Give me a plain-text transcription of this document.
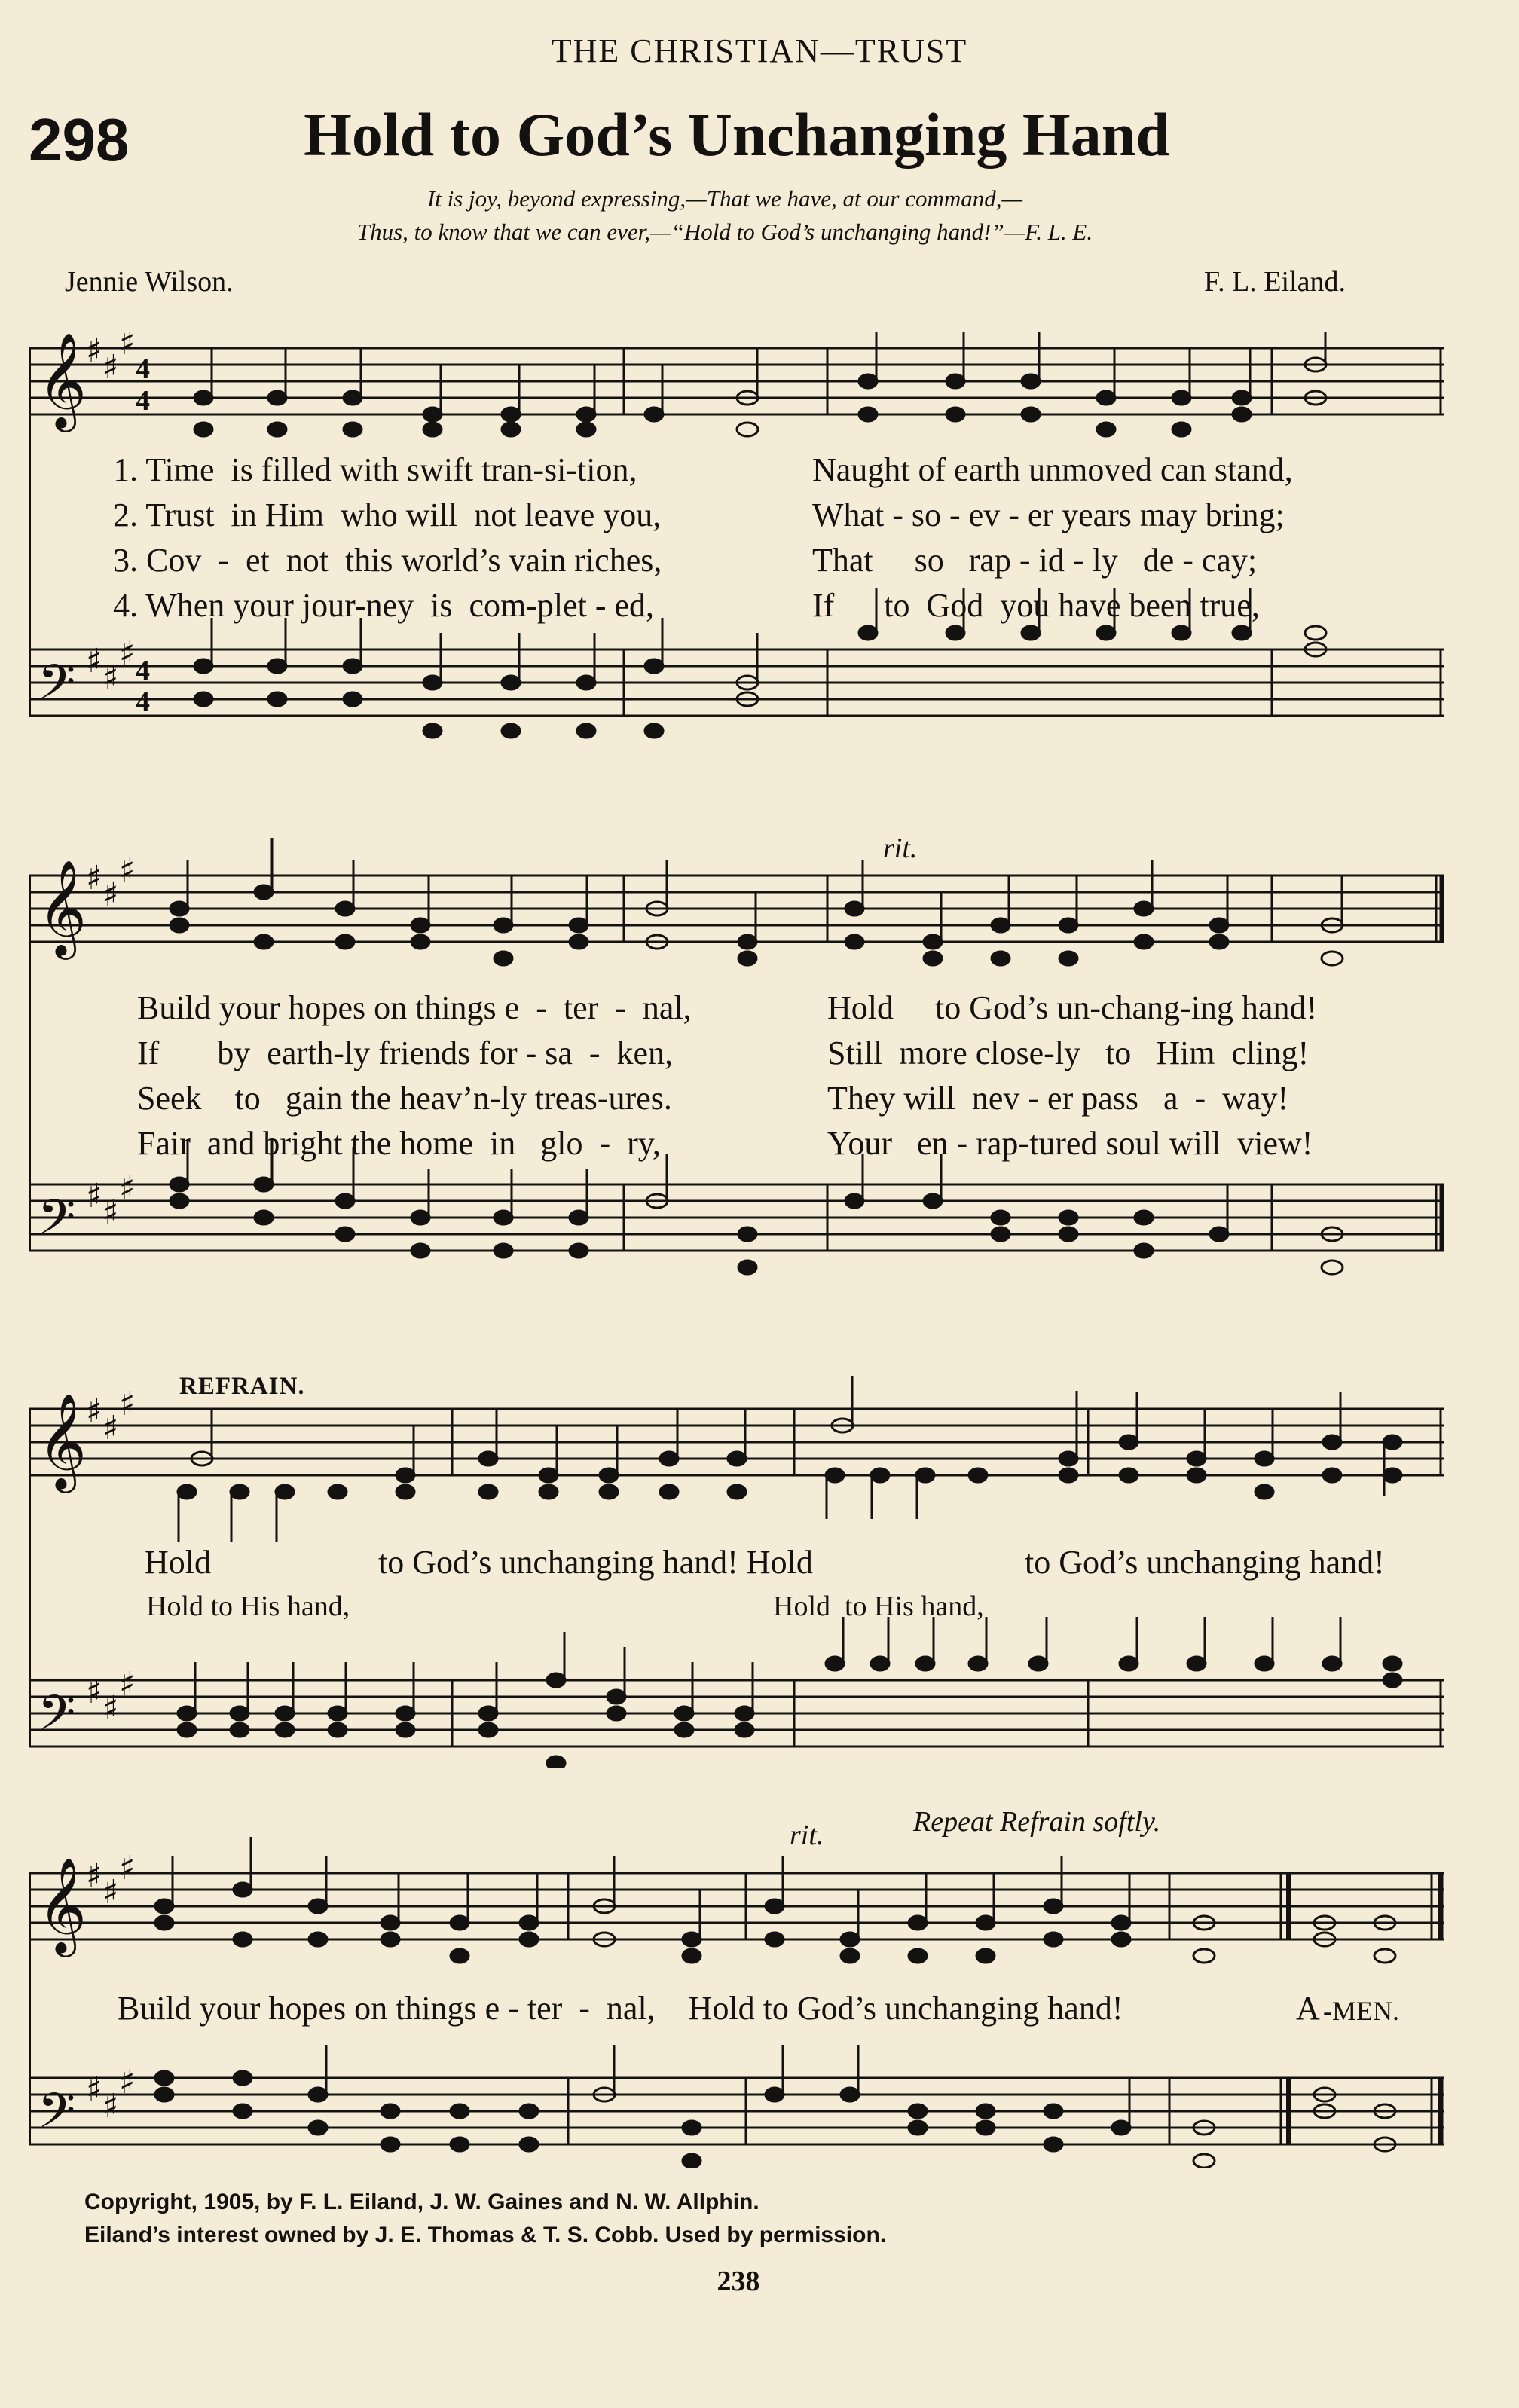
THE CHRISTIAN—TRUST
298	Hold to God’s Unchanging Hand
It is joy, beyond expressing,—That we have, at our command,—
Thus, to know that we can ever,—“Hold to God’s unchanging hand!”—F. L. E.
Jennie Wilson.	F. L. Eiland.
𝄞
𝄢
♯ ♯
♯
♯ ♯
♯
4
4
4
4
1. Time  is filled with swift tran-si-tion,
2. Trust  in Him  who will  not leave you,
3. Cov  -  et  not  this world’s vain riches,
4. When your jour-ney  is  com-plet - ed,
Naught of earth unmoved can stand,
What - so - ev - er years may bring;
That     so   rap - id - ly   de - cay;
If      to  God  you have been true,
𝄞
𝄢
♯ ♯
♯
♯ ♯
♯
rit.
Build your hopes on things e  -  ter  -  nal,
If       by  earth-ly friends for - sa  -  ken,
Seek    to   gain the heav’n-ly treas-ures.
Fair  and bright the home  in   glo  -  ry,
Hold     to God’s un-chang-ing hand!
Still  more close-ly   to   Him  cling!
They will  nev - er pass   a  -  way!
Your   en - rap-tured soul will  view!
𝄞
𝄢
♯ ♯
♯
♯ ♯
♯
REFRAIN.
Hold	to God’s unchanging hand! Hold	to God’s unchanging hand!
Hold to His hand,	Hold  to His hand,
𝄞
𝄢
♯ ♯
♯
♯ ♯
♯
rit.	Repeat Refrain softly.
Build your hopes on things e - ter  -  nal,    Hold to God’s unchanging hand!	A -MEN.
Copyright, 1905, by F. L. Eiland, J. W. Gaines and N. W. Allphin.
Eiland’s interest owned by J. E. Thomas & T. S. Cobb. Used by permission.
238
